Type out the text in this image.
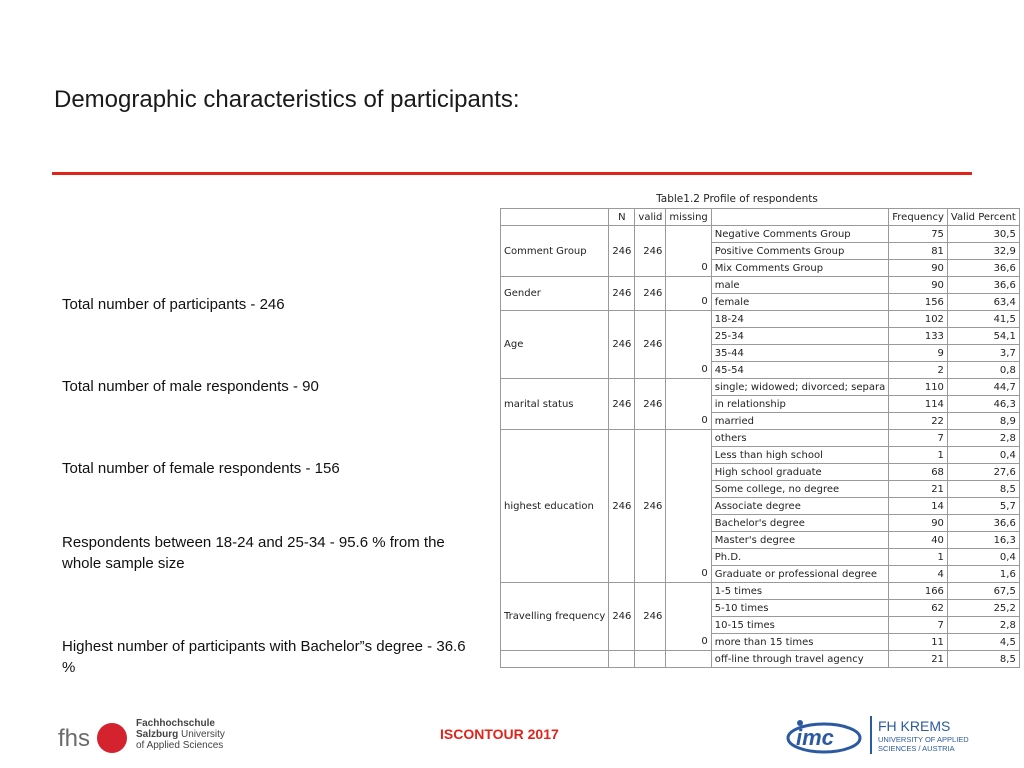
Demographic characteristics of participants:
Total number of participants - 246
Total number of male respondents - 90
Total number of female respondents - 156
Respondents between 18-24 and 25-34 - 95.6 % from the whole sample size
Highest number of participants with Bachelor”s degree - 36.6 %
Table1.2 Profile of respondents
	N	valid	missing		Frequency	Valid Percent
Comment Group	246	246		Negative Comments Group	75	30,5
				Positive Comments Group	81	32,9
			0	Mix Comments Group	90	36,6
Gender	246	246		male	90	36,6
			0	female	156	63,4
Age	246	246		18-24	102	41,5
				25-34	133	54,1
				35-44	9	3,7
			0	45-54	2	0,8
marital status	246	246		single; widowed; divorced; separa	110	44,7
				in relationship	114	46,3
			0	married	22	8,9
highest education	246	246		others	7	2,8
				Less than high school	1	0,4
				High school graduate	68	27,6
				Some college, no degree	21	8,5
				Associate degree	14	5,7
				Bachelor's degree	90	36,6
				Master's degree	40	16,3
				Ph.D.	1	0,4
			0	Graduate or professional degree	4	1,6
Travelling frequency	246	246		1-5 times	166	67,5
				5-10 times	62	25,2
				10-15 times	7	2,8
			0	more than 15 times	11	4,5
				off-line through travel agency	21	8,5
fhs
Fachhochschule
Salzburg University
of Applied Sciences
ISCONTOUR 2017	imc	FH KREMS
UNIVERSITY OF APPLIED
SCIENCES / AUSTRIA
